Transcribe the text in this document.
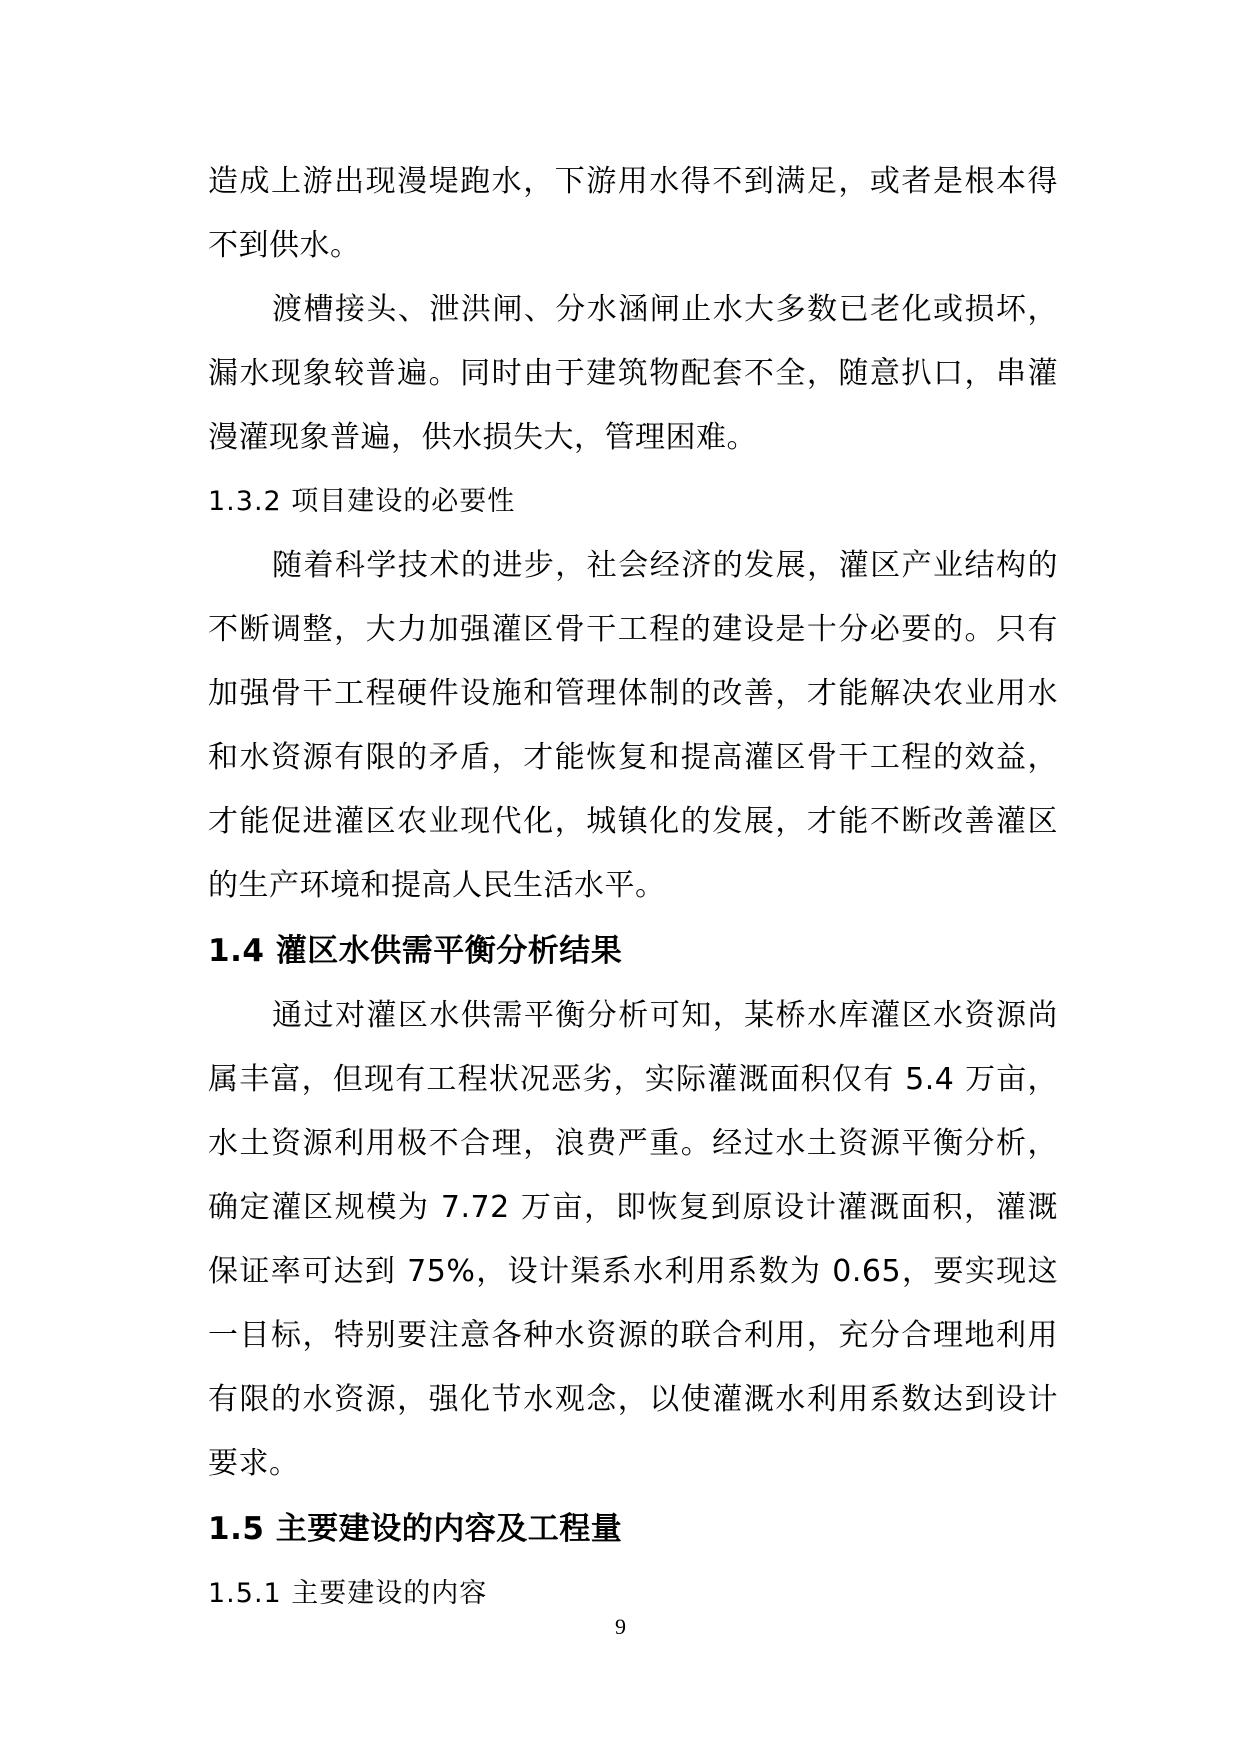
造成上游出现漫堤跑水，下游用水得不到满足，或者是根本得不到供水。

渡槽接头、泄洪闸、分水涵闸止水大多数已老化或损坏，漏水现象较普遍。同时由于建筑物配套不全，随意扒口，串灌漫灌现象普遍，供水损失大，管理困难。

1.3.2 项目建设的必要性

随着科学技术的进步，社会经济的发展，灌区产业结构的不断调整，大力加强灌区骨干工程的建设是十分必要的。只有加强骨干工程硬件设施和管理体制的改善，才能解决农业用水和水资源有限的矛盾，才能恢复和提高灌区骨干工程的效益，才能促进灌区农业现代化，城镇化的发展，才能不断改善灌区的生产环境和提高人民生活水平。

1.4 灌区水供需平衡分析结果

通过对灌区水供需平衡分析可知，某桥水库灌区水资源尚属丰富，但现有工程状况恶劣，实际灌溉面积仅有 5.4 万亩，水土资源利用极不合理，浪费严重。经过水土资源平衡分析，确定灌区规模为 7.72 万亩，即恢复到原设计灌溉面积，灌溉保证率可达到 75%，设计渠系水利用系数为 0.65，要实现这一目标，特别要注意各种水资源的联合利用，充分合理地利用有限的水资源，强化节水观念，以使灌溉水利用系数达到设计要求。

1.5 主要建设的内容及工程量
1.5.1 主要建设的内容
9
